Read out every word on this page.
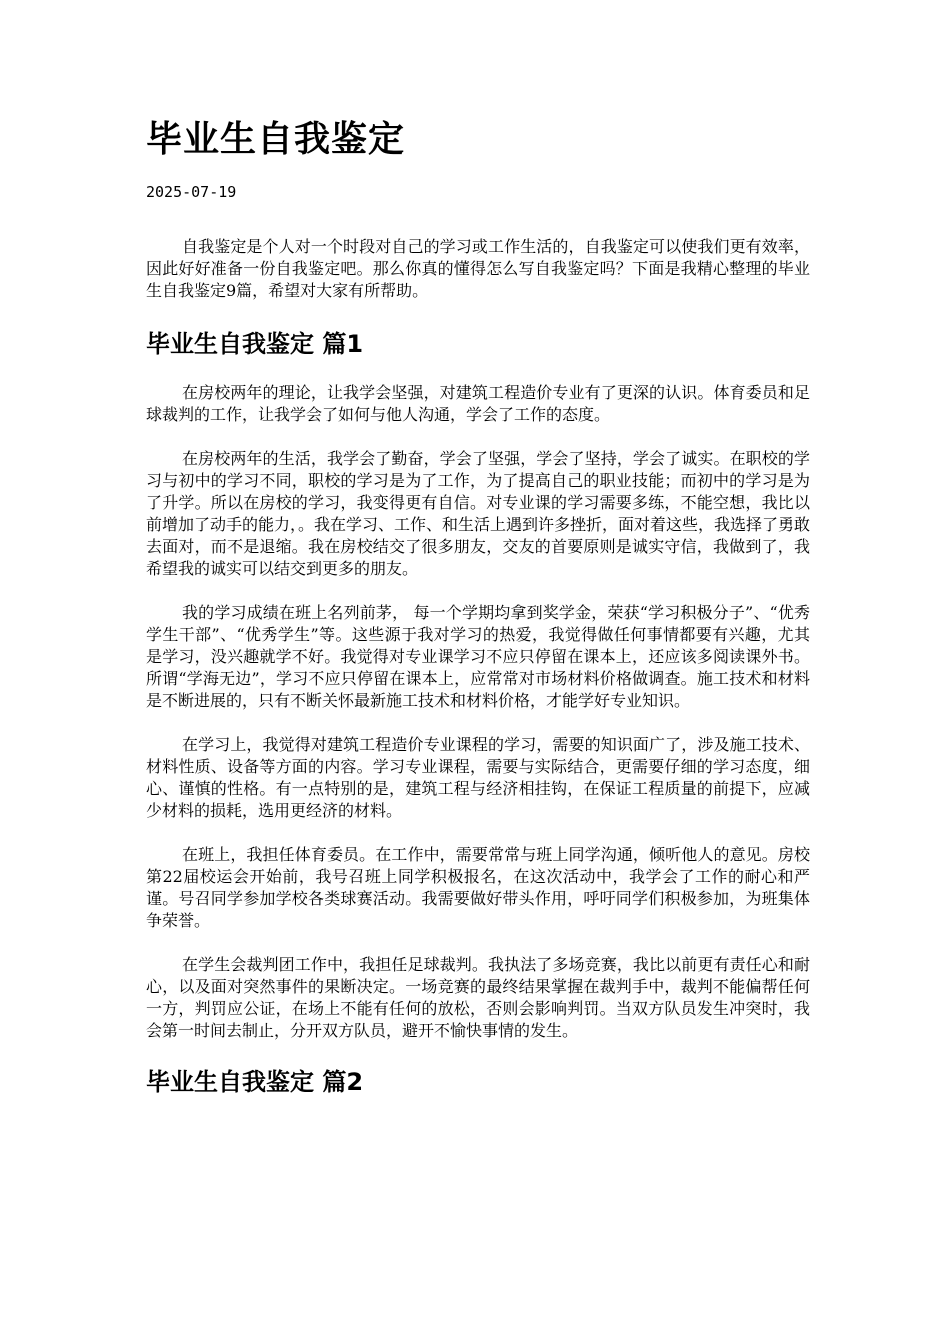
毕业生自我鉴定
2025-07-19

自我鉴定是个人对一个时段对自己的学习或工作生活的，自我鉴定可以使我们更有效率，因此好好准备一份自我鉴定吧。那么你真的懂得怎么写自我鉴定吗？下面是我精心整理的毕业生自我鉴定9篇，希望对大家有所帮助。

毕业生自我鉴定 篇1

在房校两年的理论，让我学会坚强，对建筑工程造价专业有了更深的认识。体育委员和足球裁判的工作，让我学会了如何与他人沟通，学会了工作的态度。

在房校两年的生活，我学会了勤奋，学会了坚强，学会了坚持，学会了诚实。在职校的学习与初中的学习不同，职校的学习是为了工作，为了提高自己的职业技能；而初中的学习是为了升学。所以在房校的学习，我变得更有自信。对专业课的学习需要多练，不能空想，我比以前增加了动手的能力，。我在学习、工作、和生活上遇到许多挫折，面对着这些，我选择了勇敢去面对，而不是退缩。我在房校结交了很多朋友，交友的首要原则是诚实守信，我做到了，我希望我的诚实可以结交到更多的朋友。

我的学习成绩在班上名列前茅， 每一个学期均拿到奖学金，荣获“学习积极分子”、“优秀学生干部”、“优秀学生”等。这些源于我对学习的热爱，我觉得做任何事情都要有兴趣，尤其是学习，没兴趣就学不好。我觉得对专业课学习不应只停留在课本上，还应该多阅读课外书。所谓“学海无边”，学习不应只停留在课本上，应常常对市场材料价格做调查。施工技术和材料是不断进展的，只有不断关怀最新施工技术和材料价格，才能学好专业知识。

在学习上，我觉得对建筑工程造价专业课程的学习，需要的知识面广了，涉及施工技术、材料性质、设备等方面的内容。学习专业课程，需要与实际结合，更需要仔细的学习态度，细心、谨慎的性格。有一点特别的是，建筑工程与经济相挂钩，在保证工程质量的前提下，应减少材料的损耗，选用更经济的材料。

在班上，我担任体育委员。在工作中，需要常常与班上同学沟通，倾听他人的意见。房校第22届校运会开始前，我号召班上同学积极报名，在这次活动中，我学会了工作的耐心和严谨。号召同学参加学校各类球赛活动。我需要做好带头作用，呼吁同学们积极参加，为班集体争荣誉。

在学生会裁判团工作中，我担任足球裁判。我执法了多场竞赛，我比以前更有责任心和耐心，以及面对突然事件的果断决定。一场竞赛的最终结果掌握在裁判手中，裁判不能偏帮任何一方，判罚应公证，在场上不能有任何的放松，否则会影响判罚。当双方队员发生冲突时，我会第一时间去制止，分开双方队员，避开不愉快事情的发生。

毕业生自我鉴定 篇2
